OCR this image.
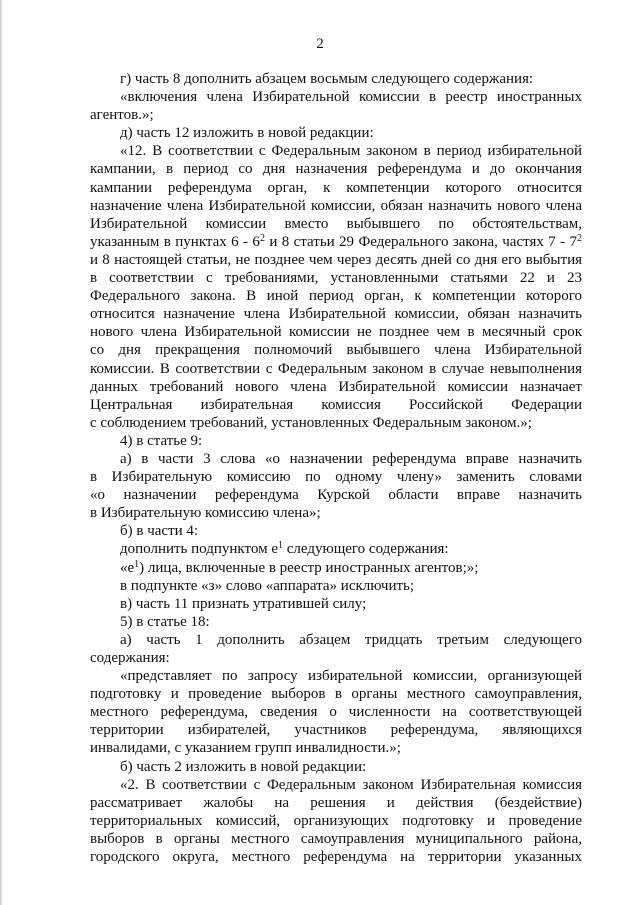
2
г) часть 8 дополнить абзацем восьмым следующего содержания:
«включения члена Избирательной комиссии в реестр иностранных
агентов.»;
д) часть 12 изложить в новой редакции:
«12. В соответствии с Федеральным законом в период избирательной
кампании, в период со дня назначения референдума и до окончания
кампании референдума орган, к компетенции которого относится
назначение члена Избирательной комиссии, обязан назначить нового члена
Избирательной комиссии вместо выбывшего по обстоятельствам,
указанным в пунктах $6 - 6^2$ и 8 статьи 29 Федерального закона, частях $7 - 7^2$
и 8 настоящей статьи, не позднее чем через десять дней со дня его выбытия
в соответствии с требованиями, установленными статьями 22 и 23
Федерального закона. В иной период орган, к компетенции которого
относится назначение члена Избирательной комиссии, обязан назначить
нового члена Избирательной комиссии не позднее чем в месячный срок
со дня прекращения полномочий выбывшего члена Избирательной
комиссии. В соответствии с Федеральным законом в случае невыполнения
данных требований нового члена Избирательной комиссии назначает
Центральная избирательная комиссия Российской Федерации
с соблюдением требований, установленных Федеральным законом.»;
4) в статье 9:
а) в части 3 слова «о назначении референдума вправе назначить
в Избирательную комиссию по одному члену» заменить словами
«о назначении референдума Курской области вправе назначить
в Избирательную комиссию члена»;
б) в части 4:
дополнить подпунктом $е^1$ следующего содержания:
«$е^1$) лица, включенные в реестр иностранных агентов;»;
в подпункте «з» слово «аппарата» исключить;
в) часть 11 признать утратившей силу;
5) в статье 18:
а) часть 1 дополнить абзацем тридцать третьим следующего
содержания:
«представляет по запросу избирательной комиссии, организующей
подготовку и проведение выборов в органы местного самоуправления,
местного референдума, сведения о численности на соответствующей
территории избирателей, участников референдума, являющихся
инвалидами, с указанием групп инвалидности.»;
б) часть 2 изложить в новой редакции:
«2. В соответствии с Федеральным законом Избирательная комиссия
рассматривает жалобы на решения и действия (бездействие)
территориальных комиссий, организующих подготовку и проведение
выборов в органы местного самоуправления муниципального района,
городского округа, местного референдума на территории указанных
